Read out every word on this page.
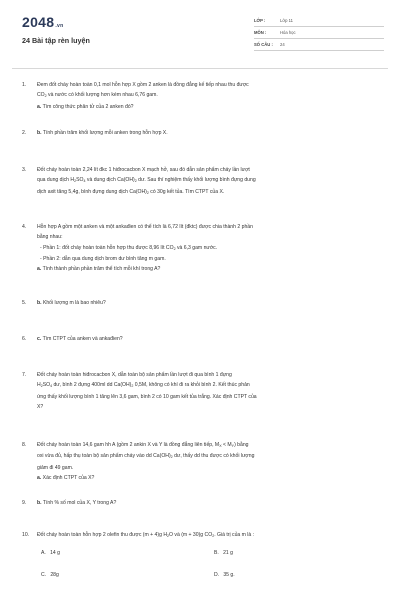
2048.vn
24 Bài tập rèn luyện
LỚP :	Lớp 11
MÔN :	Hóa học
SỐ CÂU :	24
1.	Đem đốt cháy hoàn toàn 0,1 mol hỗn hợp X gồm 2 anken là đồng đẳng kế tiếp nhau thu được

$CO_2$ và nước có khối lượng hơn kém nhau 6,76 gam.

a. Tìm công thức phân tử của 2 anken đó?

2.	b. Tính phần trăm khối lượng mỗi anken trong hỗn hợp X.

3.	Đốt cháy hoàn toàn 2,24 lít đkc 1 hiđrocacbon X mạch hở, sau đó dẫn sản phẩm cháy lần lượt

qua dung dịch $H_2SO_4$ và dung dịch $Ca(OH)_2$ dư. Sau thí nghiệm thấy khối lượng bình đựng dung

dịch axit tăng 5,4g, bình đựng dung dịch $Ca(OH)_2$ có 30g kết tủa. Tìm CTPT của X.

4.	Hỗn hợp A gồm một anken và một ankađien có thể tích là 6,72 lít (đktc) được chia thành 2 phần

bằng nhau:

- Phần 1: đốt cháy hoàn toàn hỗn hợp thu được 8,96 lít $CO_2$ và 6,3 gam nước.

- Phần 2: dẫn qua dung dịch brom dư bình tăng m gam.

a. Tính thành phần phần trăm thể tích mỗi khí trong A?

5.	b. Khối lượng m là bao nhiêu?

6.	c. Tìm CTPT của anken và ankađien?

7.	Đốt cháy hoàn toàn hiđrocacbon X, dẫn toàn bộ sản phẩm lần lượt đi qua bình 1 đựng

$H_2SO_4$ dư, bình 2 đựng 400ml dd $Ca(OH)_2$ 0,5M, không có khí đi ra khỏi bình 2. Kết thúc phản

ứng thấy khối lượng bình 1 tăng lên 3,6 gam, bình 2 có 10 gam kết tủa trắng. Xác định CTPT của

X?

8.	Đốt cháy hoàn toàn 14,6 gam hh A (gồm 2 ankin X và Y là đồng đẳng liên tiếp, $M_X < M_Y$) bằng

oxi vừa đủ, hấp thụ toàn bộ sản phẩm cháy vào dd $Ca(OH)_2$ dư, thấy dd thu được có khối lượng

giảm đi 49 gam.

a. Xác định CTPT của X?

9.	b. Tính % số mol của X, Y trong A?

10.	Đốt cháy hoàn toàn hỗn hợp 2 olefin thu được (m + 4)g $H_2O$ và (m + 30)g $CO_2$. Giá trị của m là :

A. 14 g	B. 21 g
C. 28g	D. 35 g.
